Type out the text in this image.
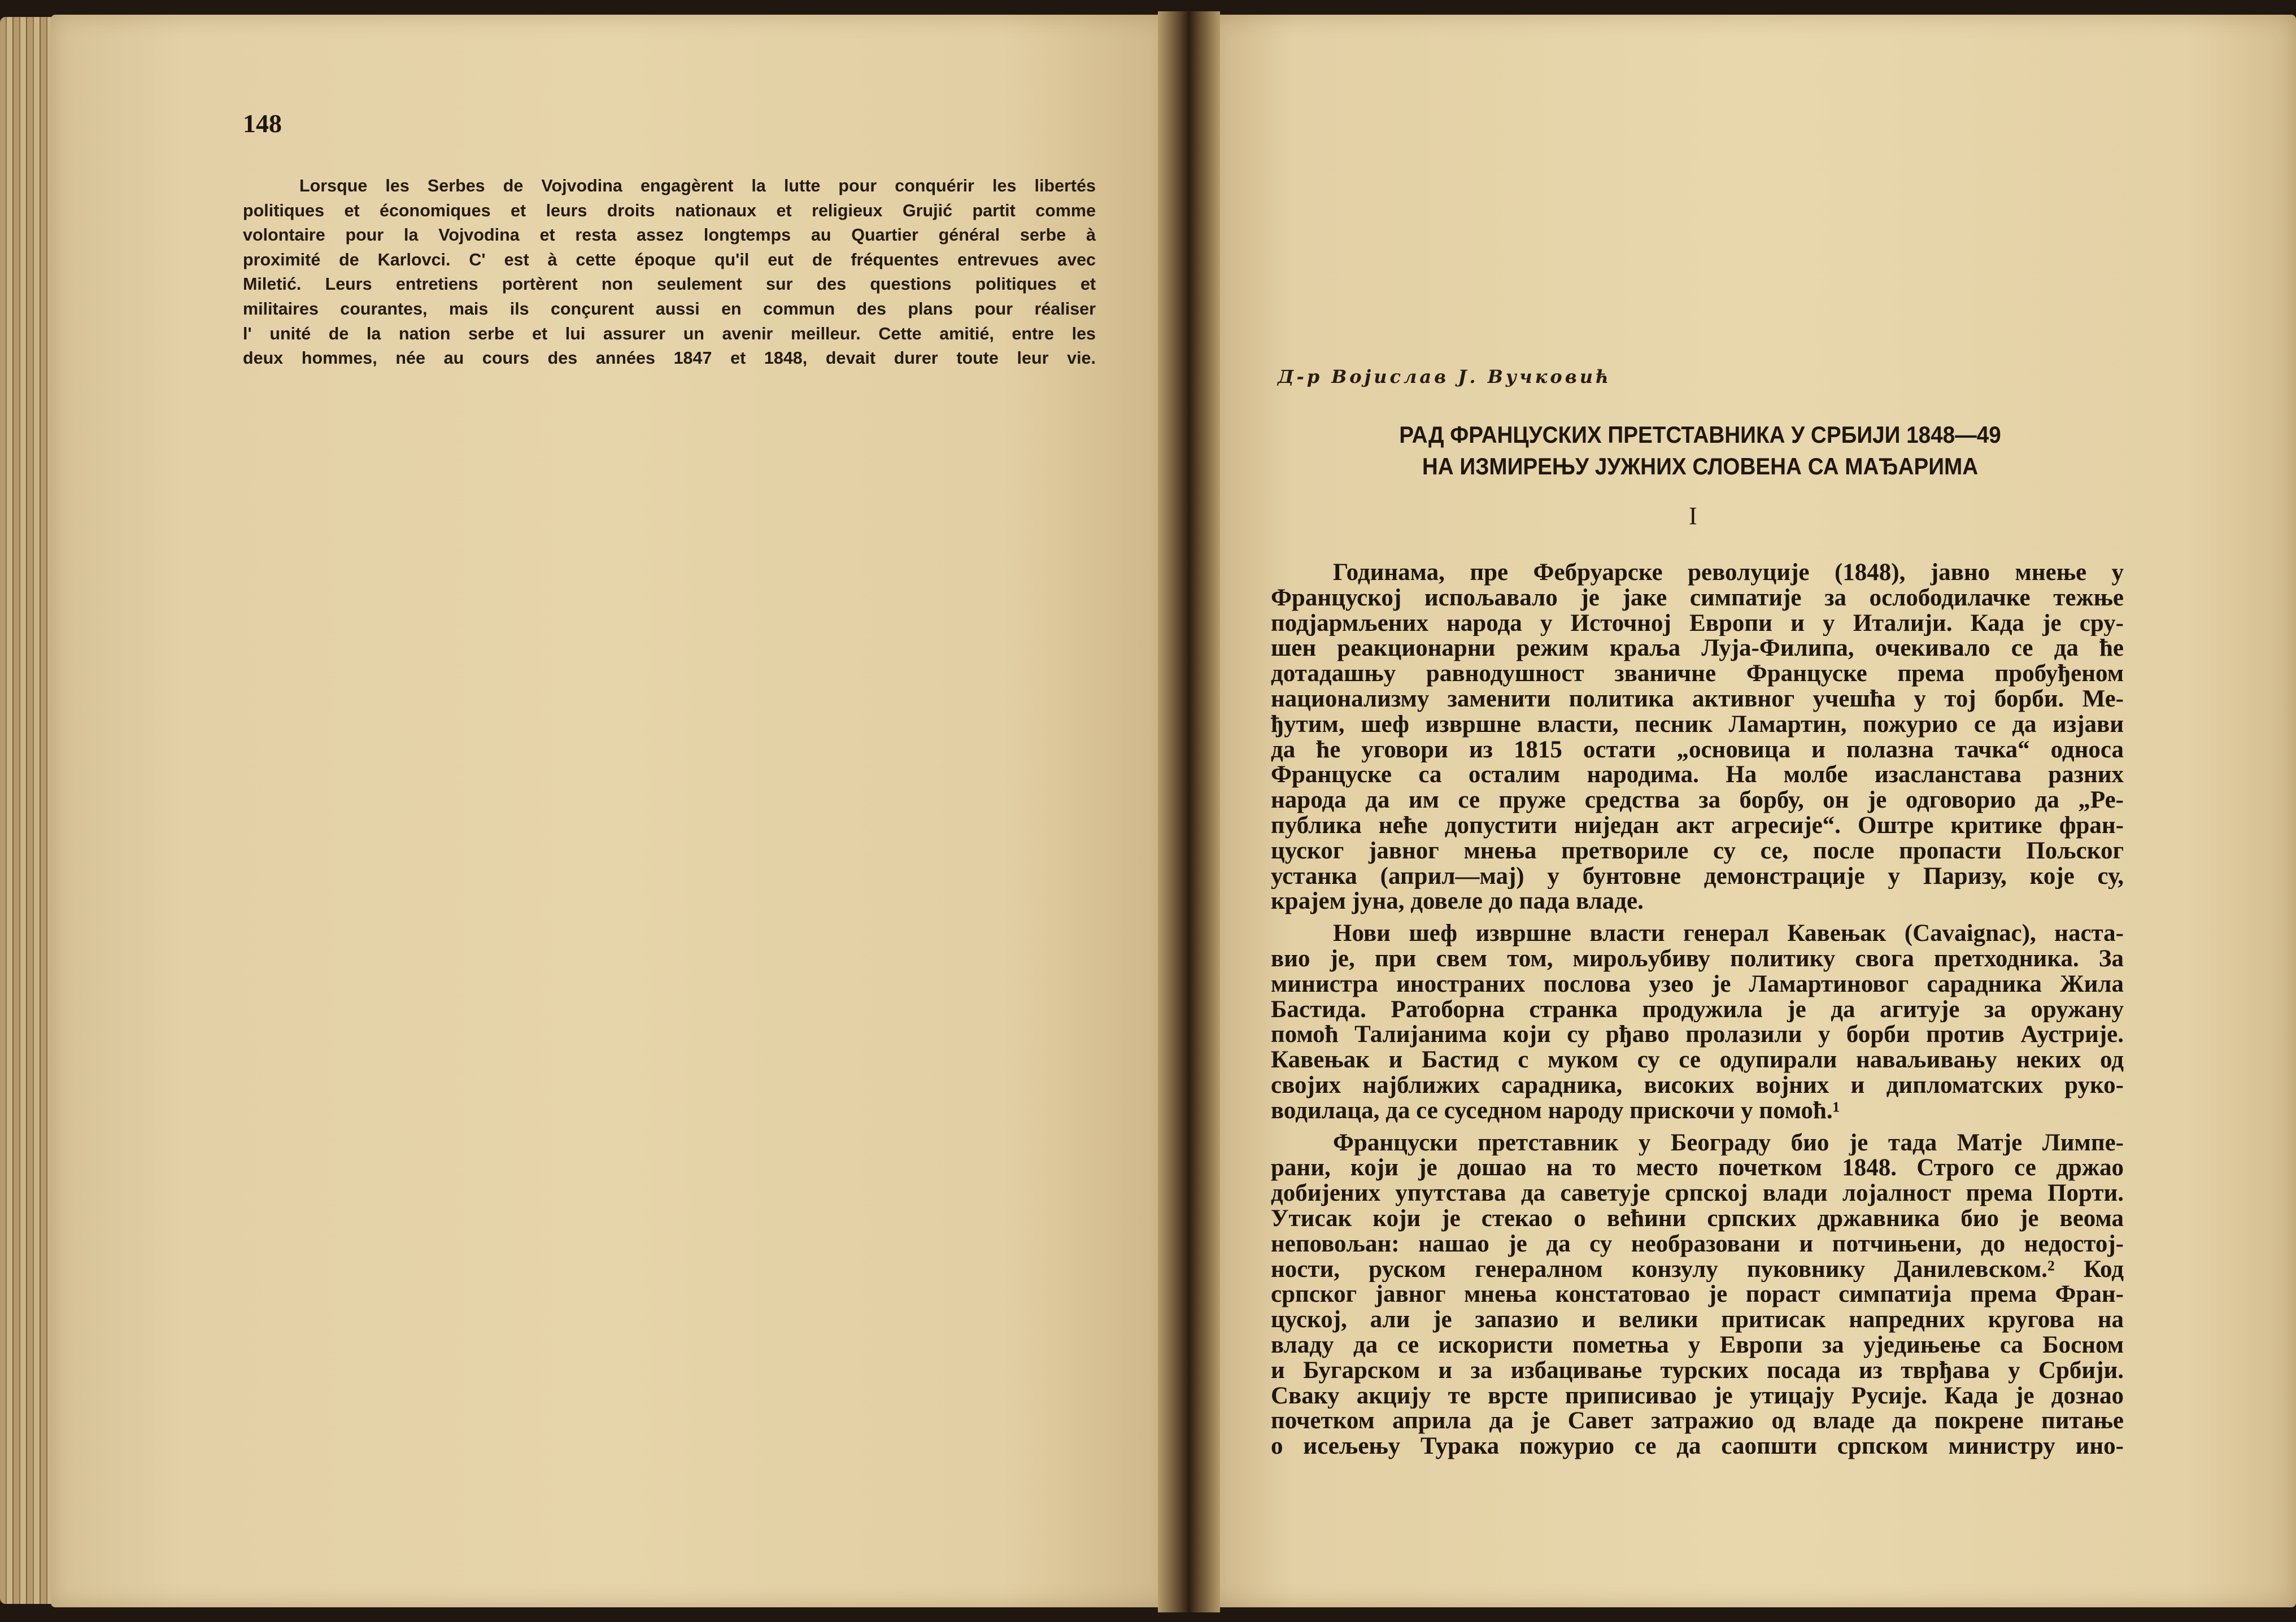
148
Lorsque les Serbes de Vojvodina engagèrent la lutte pour conquérir les libertés
politiques et économiques et leurs droits nationaux et religieux Grujić partit comme
volontaire pour la Vojvodina et resta assez longtemps au Quartier général serbe à
proximité de Karlovci. C' est à cette époque qu'il eut de fréquentes entrevues avec
Miletić. Leurs entretiens portèrent non seulement sur des questions politiques et
militaires courantes, mais ils conçurent aussi en commun des plans pour réaliser
l' unité de la nation serbe et lui assurer un avenir meilleur. Cette amitié, entre les
deux hommes, née au cours des années 1847 et 1848, devait durer toute leur vie.
Д-р Војислав Ј. Вучковић
РАД ФРАНЦУСКИХ ПРЕТСТАВНИКА У СРБИЈИ 1848—49
НА ИЗМИРЕЊУ ЈУЖНИХ СЛОВЕНА СА МАЂАРИМА
I
Годинама, пре Фебруарске револуције (1848), јавно мнење у
Француској испољавало је јаке симпатије за ослободилачке тежње
подјармљених народа у Источној Европи и у Италији. Када је сру-
шен реакционарни режим краља Луја-Филипа, очекивало се да ће
дотадашњу равнодушност званичне Француске према пробуђеном
национализму заменити политика активног учешћа у тој борби. Ме-
ђутим, шеф извршне власти, песник Ламартин, пожурио се да изјави
да ће уговори из 1815 остати „основица и полазна тачка“ односа
Француске са осталим народима. На молбе изасланстава разних
народа да им се пруже средства за борбу, он је одговорио да „Ре-
публика неће допустити ниједан акт агресије“. Оштре критике фран-
цуског јавног мнења претвориле су се, после пропасти Пољског
устанка (април—мај) у бунтовне демонстрације у Паризу, које су,
крајем јуна, довеле до пада владе.
Нови шеф извршне власти генерал Кавењак (Cavaignac), наста-
вио је, при свем том, мирољубиву политику свога претходника. За
министра иностраних послова узео је Ламартиновог сарадника Жила
Бастида. Ратоборна странка продужила је да агитује за оружану
помоћ Талијанима који су рђаво пролазили у борби против Аустрије.
Кавењак и Бастид с муком су се одупирали наваљивању неких од
својих најближих сарадника, високих војних и дипломатских руко-
водилаца, да се суседном народу прискочи у помоћ.¹
Француски претставник у Београду био је тада Матје Лимпе-
рани, који је дошао на то место почетком 1848. Строго се држао
добијених упутстава да саветује српској влади лојалност према Порти.
Утисак који је стекао о већини српских државника био је веома
неповољан: нашао је да су необразовани и потчињени, до недостој-
ности, руском генералном конзулу пуковнику Данилевском.² Код
српског јавног мнења констатовао је пораст симпатија према Фран-
цуској, али је запазио и велики притисак напредних кругова на
владу да се искористи пометња у Европи за уједињење са Босном
и Бугарском и за избацивање турских посада из тврђава у Србији.
Сваку акцију те врсте приписивао је утицају Русије. Када је дознао
почетком априла да је Савет затражио од владе да покрене питање
о исељењу Турака пожурио се да саопшти српском министру ино-
